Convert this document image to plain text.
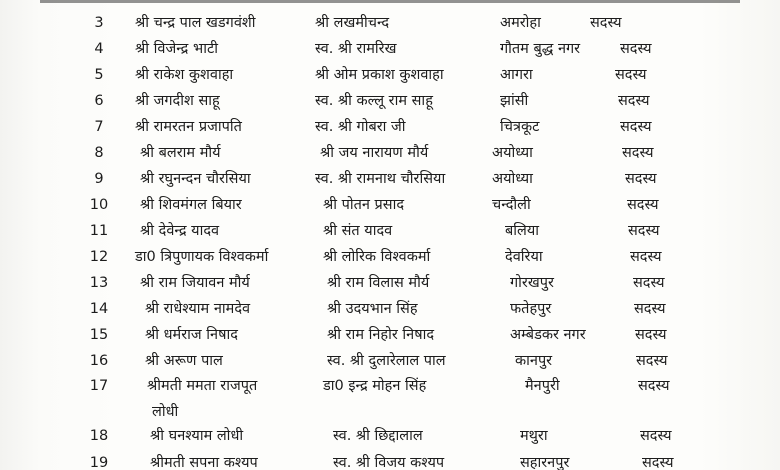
3	श्री चन्द्र पाल खडगवंशी	श्री लखमीचन्द	अमरोहा	सदस्य
4	श्री विजेन्द्र भाटी	स्व. श्री रामरिख	गौतम बुद्ध नगर	सदस्य
5	श्री राकेश कुशवाहा	श्री ओम प्रकाश कुशवाहा	आगरा	सदस्य
6	श्री जगदीश साहू	स्व. श्री कल्लू राम साहू	झांसी	सदस्य
7	श्री रामरतन प्रजापति	स्व. श्री गोबरा जी	चित्रकूट	सदस्य
8	श्री बलराम मौर्य	श्री जय नारायण मौर्य	अयोध्या	सदस्य
9	श्री रघुनन्दन चौरसिया	स्व. श्री रामनाथ चौरसिया	अयोध्या	सदस्य
10 श्री शिवमंगल बियार	श्री पोतन प्रसाद	चन्दौली	सदस्य
11 श्री देवेन्द्र यादव	श्री संत यादव	बलिया	सदस्य
12 डा0 त्रिपुणायक विश्वकर्मा	श्री लोरिक विश्वकर्मा	देवरिया	सदस्य
13 श्री राम जियावन मौर्य	श्री राम विलास मौर्य	गोरखपुर	सदस्य
14	श्री राधेश्याम नामदेव	श्री उदयभान सिंह	फतेहपुर	सदस्य
15	श्री धर्मराज निषाद	श्री राम निहोर निषाद	अम्बेडकर नगर	सदस्य
16	श्री अरूण पाल	स्व. श्री दुलारेलाल पाल	कानपुर	सदस्य
17	श्रीमती ममता राजपूत	डा0 इन्द्र मोहन सिंह	मैनपुरी	सदस्य
लोधी
18	श्री घनश्याम लोधी	स्व. श्री छिद्दालाल	मथुरा	सदस्य
19	श्रीमती सपना कश्यप	स्व. श्री विजय कश्यप	सहारनपुर	सदस्य
